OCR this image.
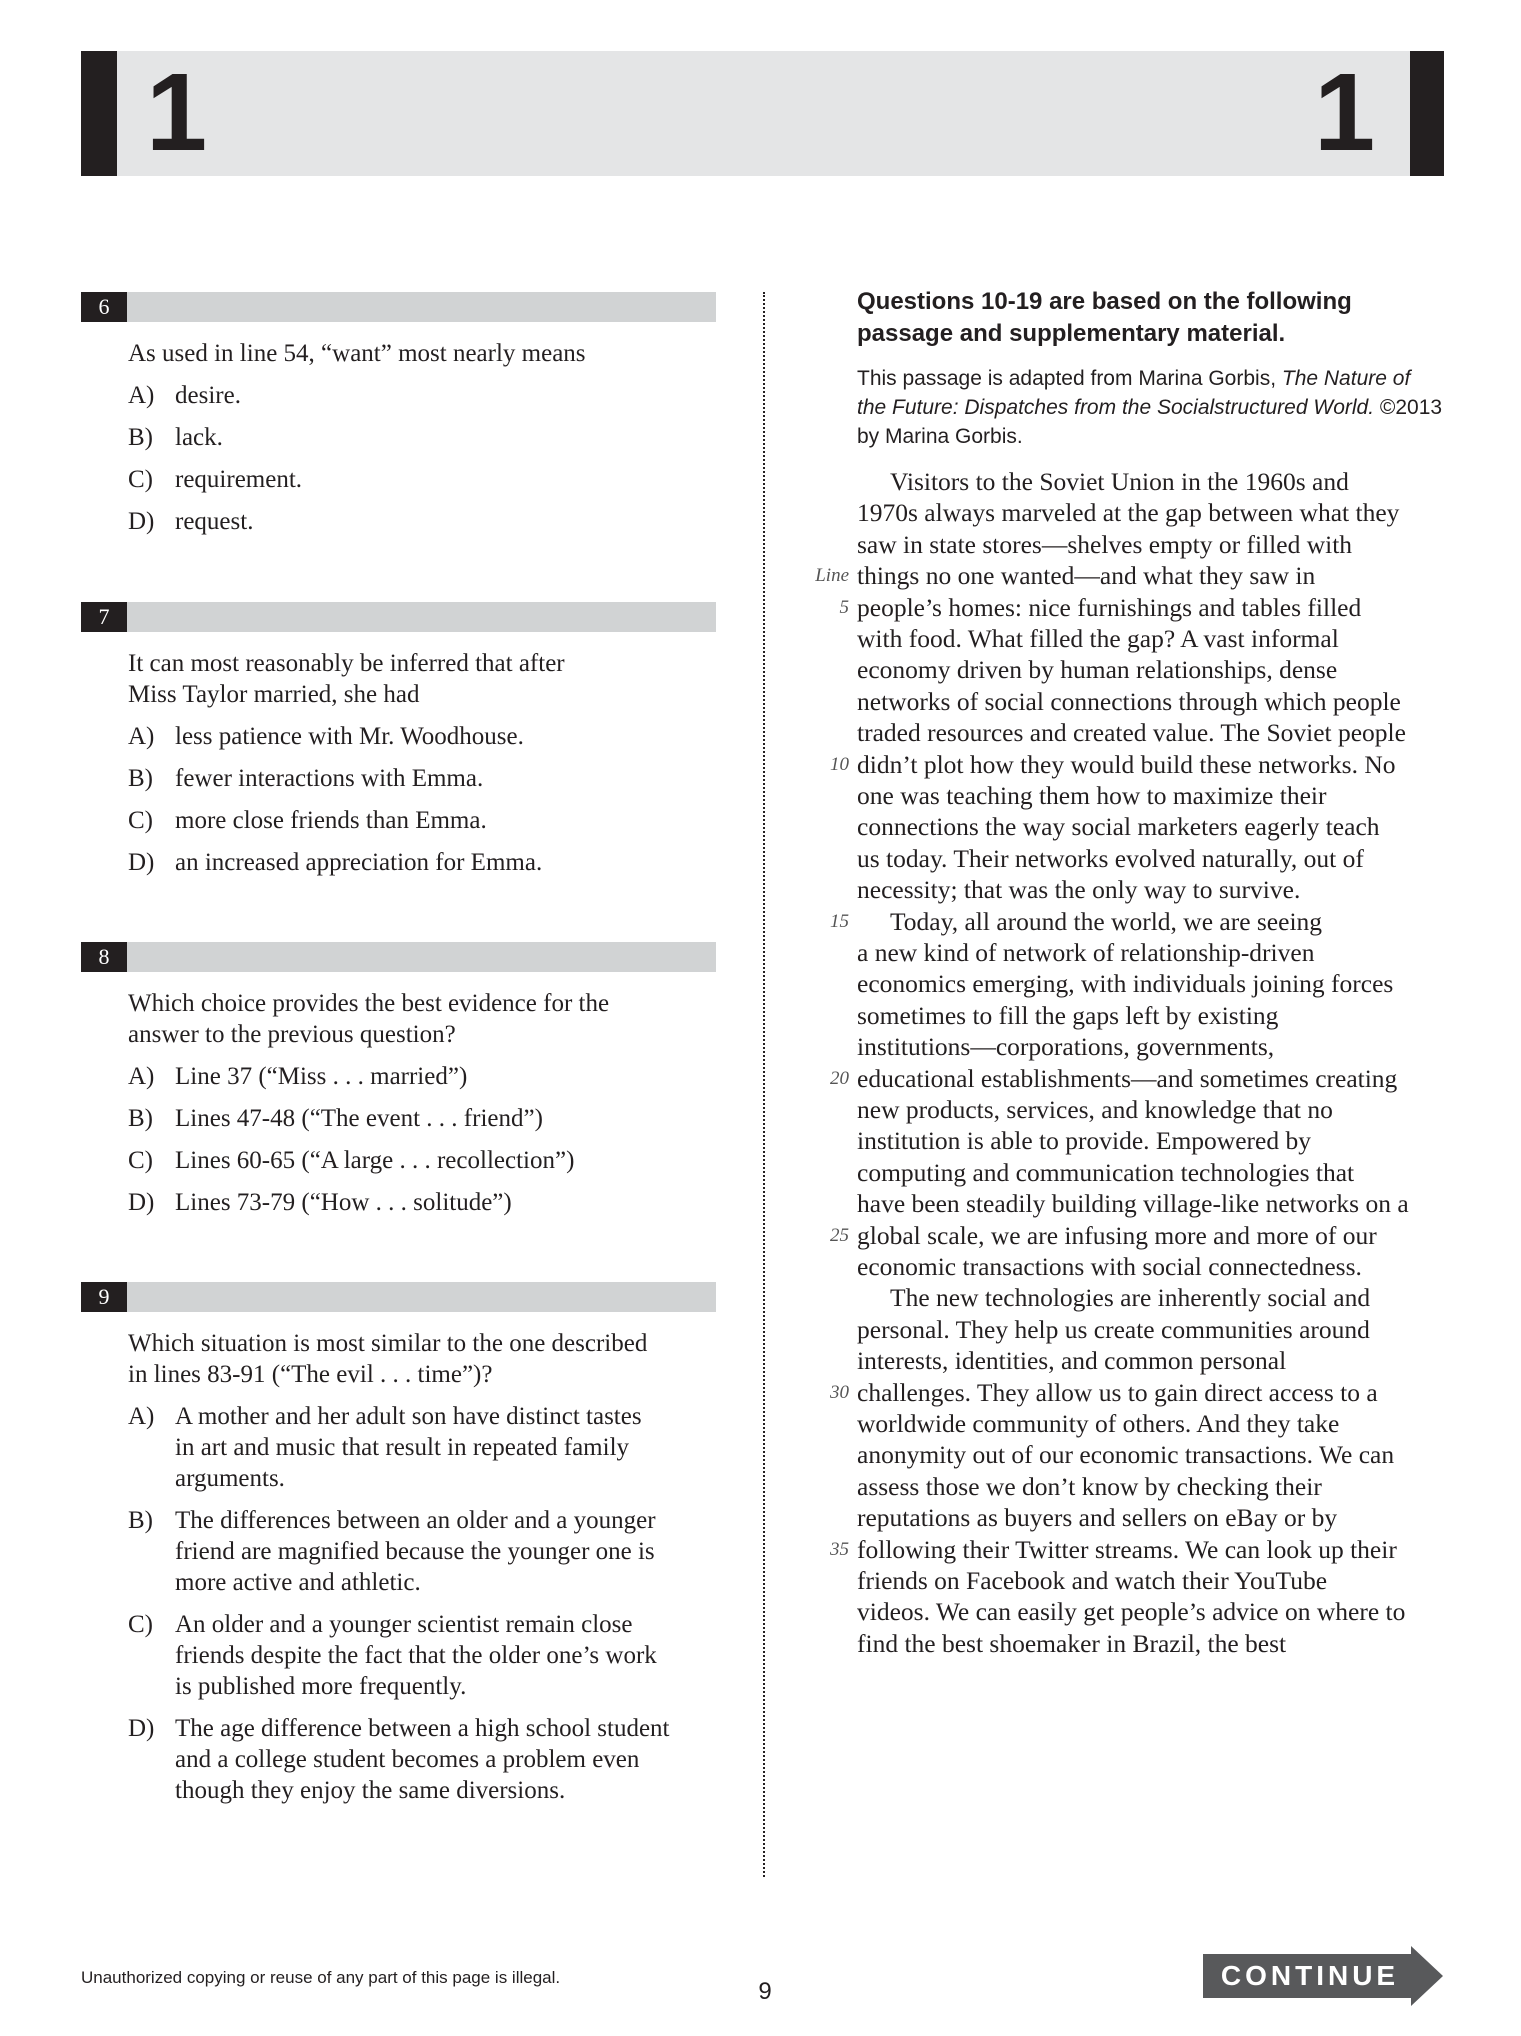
1	1
6
As used in line 54, “want” most nearly means
A) desire.
B) lack.
C) requirement.
D) request.
7
It can most reasonably be inferred that after
Miss Taylor married, she had
A) less patience with Mr. Woodhouse.
B) fewer interactions with Emma.
C) more close friends than Emma.
D) an increased appreciation for Emma.
8
Which choice provides the best evidence for the
answer to the previous question?
A) Line 37 (“Miss . . . married”)
B) Lines 47-48 (“The event . . . friend”)
C) Lines 60-65 (“A large . . . recollection”)
D) Lines 73-79 (“How . . . solitude”)
9
Which situation is most similar to the one described
in lines 83-91 (“The evil . . . time”)?
A) A mother and her adult son have distinct tastes
in art and music that result in repeated family
arguments.
B) The differences between an older and a younger
friend are magnified because the younger one is
more active and athletic.
C) An older and a younger scientist remain close
friends despite the fact that the older one’s work
is published more frequently.
D) The age difference between a high school student
and a college student becomes a problem even
though they enjoy the same diversions.
Questions 10-19 are based on the following
passage and supplementary material.
This passage is adapted from Marina Gorbis, The Nature of
the Future: Dispatches from the Socialstructured World. ©2013
by Marina Gorbis.
Visitors to the Soviet Union in the 1960s and
1970s always marveled at the gap between what they
saw in state stores—shelves empty or filled with
things no one wanted—and what they saw in
people’s homes: nice furnishings and tables filled
with food. What filled the gap? A vast informal
economy driven by human relationships, dense
networks of social connections through which people
traded resources and created value. The Soviet people
didn’t plot how they would build these networks. No
one was teaching them how to maximize their
connections the way social marketers eagerly teach
us today. Their networks evolved naturally, out of
necessity; that was the only way to survive.
Today, all around the world, we are seeing
a new kind of network of relationship-driven
economics emerging, with individuals joining forces
sometimes to fill the gaps left by existing
institutions—corporations, governments,
educational establishments—and sometimes creating
new products, services, and knowledge that no
institution is able to provide. Empowered by
computing and communication technologies that
have been steadily building village-like networks on a
global scale, we are infusing more and more of our
economic transactions with social connectedness.
The new technologies are inherently social and
personal. They help us create communities around
interests, identities, and common personal
challenges. They allow us to gain direct access to a
worldwide community of others. And they take
anonymity out of our economic transactions. We can
assess those we don’t know by checking their
reputations as buyers and sellers on eBay or by
following their Twitter streams. We can look up their
friends on Facebook and watch their YouTube
videos. We can easily get people’s advice on where to
find the best shoemaker in Brazil, the best
Line
5
10
15
20
25
30
35
Unauthorized copying or reuse of any part of this page is illegal.
9
CONTINUE
